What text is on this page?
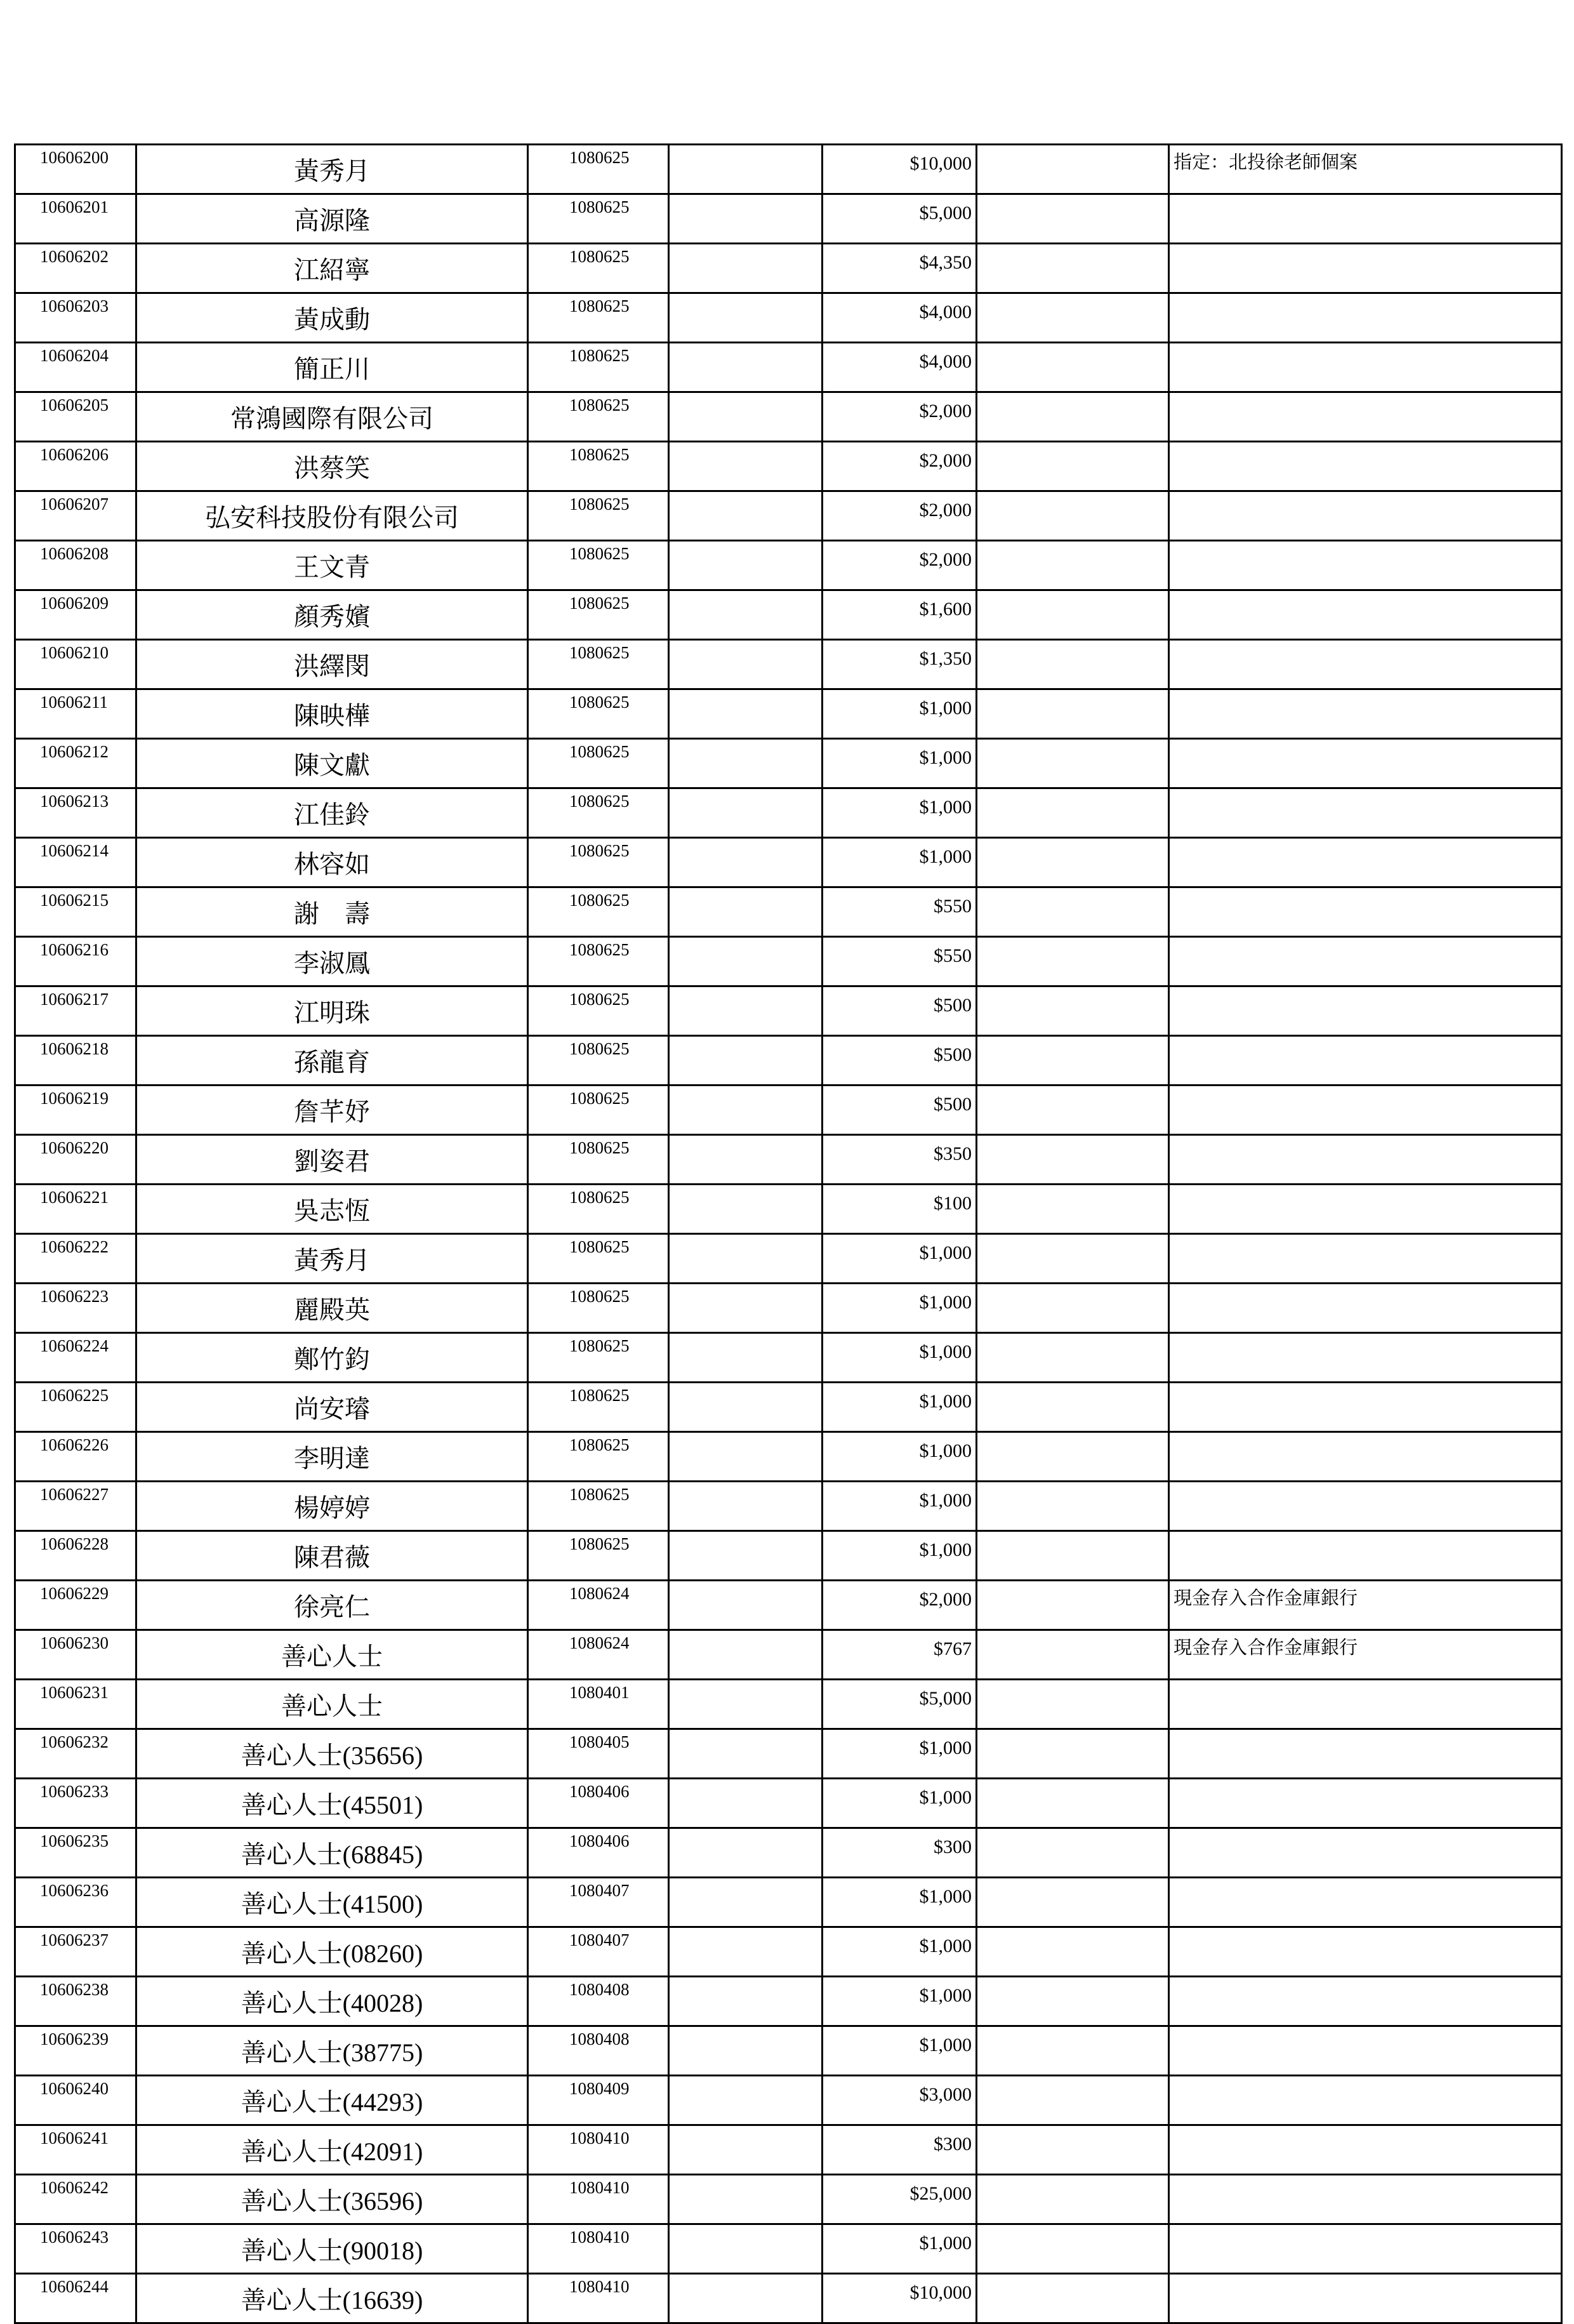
10606200	黃秀月	1080625		$10,000		指定：北投徐老師個案
10606201	高源隆	1080625		$5,000		
10606202	江紹寧	1080625		$4,350		
10606203	黃成動	1080625		$4,000		
10606204	簡正川	1080625		$4,000		
10606205	常鴻國際有限公司	1080625		$2,000		
10606206	洪蔡笑	1080625		$2,000		
10606207	弘安科技股份有限公司	1080625		$2,000		
10606208	王文青	1080625		$2,000		
10606209	顏秀嬪	1080625		$1,600		
10606210	洪繹閔	1080625		$1,350		
10606211	陳映樺	1080625		$1,000		
10606212	陳文獻	1080625		$1,000		
10606213	江佳鈴	1080625		$1,000		
10606214	林容如	1080625		$1,000		
10606215	謝　壽	1080625		$550		
10606216	李淑鳳	1080625		$550		
10606217	江明珠	1080625		$500		
10606218	孫龍育	1080625		$500		
10606219	詹芊妤	1080625		$500		
10606220	劉姿君	1080625		$350		
10606221	吳志恆	1080625		$100		
10606222	黃秀月	1080625		$1,000		
10606223	麗殿英	1080625		$1,000		
10606224	鄭竹鈞	1080625		$1,000		
10606225	尚安璿	1080625		$1,000		
10606226	李明達	1080625		$1,000		
10606227	楊婷婷	1080625		$1,000		
10606228	陳君薇	1080625		$1,000		
10606229	徐亮仁	1080624		$2,000		現金存入合作金庫銀行
10606230	善心人士	1080624		$767		現金存入合作金庫銀行
10606231	善心人士	1080401		$5,000		
10606232	善心人士(35656)	1080405		$1,000		
10606233	善心人士(45501)	1080406		$1,000		
10606235	善心人士(68845)	1080406		$300		
10606236	善心人士(41500)	1080407		$1,000		
10606237	善心人士(08260)	1080407		$1,000		
10606238	善心人士(40028)	1080408		$1,000		
10606239	善心人士(38775)	1080408		$1,000		
10606240	善心人士(44293)	1080409		$3,000		
10606241	善心人士(42091)	1080410		$300		
10606242	善心人士(36596)	1080410		$25,000		
10606243	善心人士(90018)	1080410		$1,000		
10606244	善心人士(16639)	1080410		$10,000		
